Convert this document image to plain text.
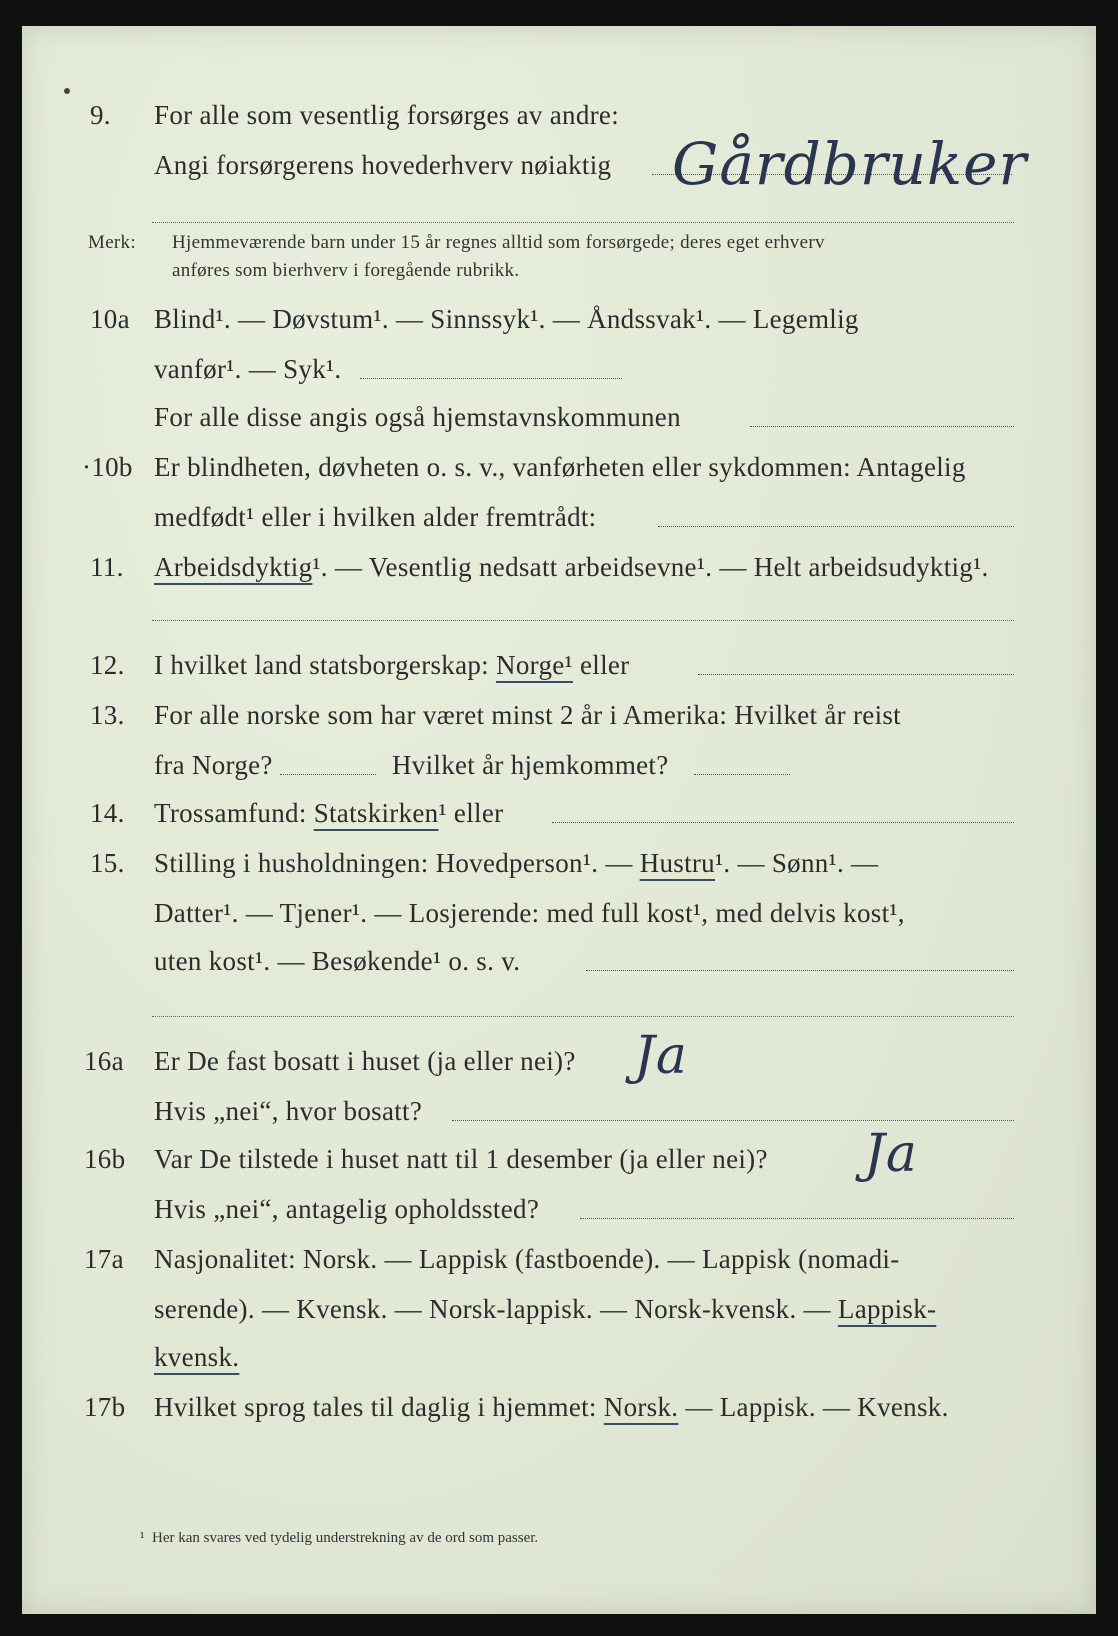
9. For alle som vesentlig forsørges av andre:
Angi forsørgerens hovederhverv nøiaktig Gårdbruker
Merk: Hjemmeværende barn under 15 år regnes alltid som forsørgede; deres eget erhverv
anføres som bierhverv i foregående rubrikk.
10a Blind¹. — Døvstum¹. — Sinnssyk¹. — Åndssvak¹. — Legemlig
vanfør¹. — Syk¹.
For alle disse angis også hjemstavnskommunen
·10b Er blindheten, døvheten o. s. v., vanførheten eller sykdommen: Antagelig
medfødt¹ eller i hvilken alder fremtrådt:
11. Arbeidsdyktig¹. — Vesentlig nedsatt arbeidsevne¹. — Helt arbeidsudyktig¹.
12. I hvilket land statsborgerskap: Norge¹ eller
13. For alle norske som har været minst 2 år i Amerika: Hvilket år reist
fra Norge?	Hvilket år hjemkommet?
14. Trossamfund: Statskirken¹ eller
15. Stilling i husholdningen: Hovedperson¹. — Hustru¹. — Sønn¹. —
Datter¹. — Tjener¹. — Losjerende: med full kost¹, med delvis kost¹,
uten kost¹. — Besøkende¹ o. s. v.
16a Er De fast bosatt i huset (ja eller nei)? Ja
Hvis „nei“, hvor bosatt?
16b Var De tilstede i huset natt til 1 desember (ja eller nei)? Ja
Hvis „nei“, antagelig opholdssted?
17a Nasjonalitet: Norsk. — Lappisk (fastboende). — Lappisk (nomadi-
serende). — Kvensk. — Norsk-lappisk. — Norsk-kvensk. — Lappisk-
kvensk.
17b Hvilket sprog tales til daglig i hjemmet: Norsk. — Lappisk. — Kvensk.
¹ Her kan svares ved tydelig understrekning av de ord som passer.
